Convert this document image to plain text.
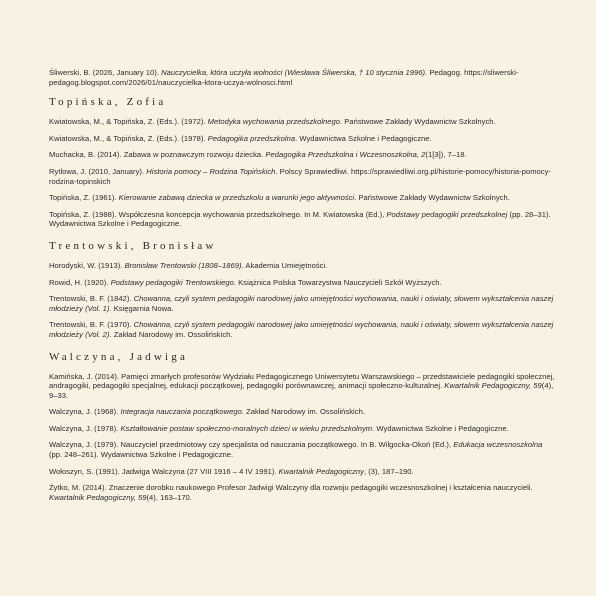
Śliwerski, B. (2026, January 10). Nauczycielka, która uczyła wolności (Wiesława Śliwerska, † 10 stycznia 1996). Pedagog. https://sliwerski-pedagog.blogspot.com/2026/01/nauczycielka-ktora-uczya-wolnosci.html

Topińska, Zofia

Kwiatowska, M., & Topińska, Z. (Eds.). (1972). Metodyka wychowania przedszkolnego. Państwowe Zakłady Wydawnictw Szkolnych.

Kwiatowska, M., & Topińska, Z. (Eds.). (1978). Pedagogika przedszkolna. Wydawnictwa Szkolne i Pedagogiczne.

Muchacka, B. (2014). Zabawa w poznawczym rozwoju dziecka. Pedagogika Przedszkolna i Wczesnoszkolna, 2(1[3]), 7–18.

Rytlowa, J. (2010, January). Historia pomocy – Rodzina Topińskich. Polscy Sprawiedliwi. https://sprawiedliwi.org.pl/historie-pomocy/historia-pomocy-rodzina-topinskich

Topińska, Z. (1961). Kierowanie zabawą dziecka w przedszkolu a warunki jego aktywności. Państwowe Zakłady Wydawnictw Szkolnych.

Topińska, Z. (1988). Współczesna koncepcja wychowania przedszkolnego. In M. Kwiatowska (Ed.), Podstawy pedagogiki przedszkolnej (pp. 28–31). Wydawnictwa Szkolne i Pedagogiczne.

Trentowski, Bronisław

Horodyski, W. (1913). Bronisław Trentowski (1808–1869). Akademia Umiejętności.

Rowid, H. (1920). Podstawy pedagogiki Trentowskiego. Książnica Polska Towarzystwa Nauczycieli Szkół Wyższych.

Trentowski, B. F. (1842). Chowanna, czyli system pedagogiki narodowej jako umiejętności wychowania, nauki i oświaty, słowem wykształcenia naszej młodzieży (Vol. 1). Księgarnia Nowa.

Trentowski, B. F. (1970). Chowanna, czyli system pedagogiki narodowej jako umiejętności wychowania, nauki i oświaty, słowem wykształcenia naszej młodzieży (Vol. 2). Zakład Narodowy im. Ossolińskich.

Walczyna, Jadwiga

Kamińska, J. (2014). Pamięci zmarłych profesorów Wydziału Pedagogicznego Uniwersytetu Warszawskiego – przedstawiciele pedagogiki społecznej, andragogiki, pedagogiki specjalnej, edukacji początkowej, pedagogiki porównawczej, animacji społeczno-kulturalnej. Kwartalnik Pedagogiczny, 59(4), 9–33.

Walczyna, J. (1968). Integracja nauczania początkowego. Zakład Narodowy im. Ossolińskich.

Walczyna, J. (1978). Kształtowanie postaw społeczno-moralnych dzieci w wieku przedszkolnym. Wydawnictwa Szkolne i Pedagogiczne.

Walczyna, J. (1979). Nauczyciel przedmiotowy czy specjalista od nauczania początkowego. In B. Wilgocka-Okoń (Ed.), Edukacja wczesnoszkolna (pp. 248–261). Wydawnictwa Szkolne i Pedagogiczne.

Wołoszyn, S. (1991). Jadwiga Walczyna (27 VIII 1916 – 4 IV 1991). Kwartalnik Pedagogiczny, (3), 187–190.

Żytko, M. (2014). Znaczenie dorobku naukowego Profesor Jadwigi Walczyny dla rozwoju pedagogiki wczesnoszkolnej i kształcenia nauczycieli. Kwartalnik Pedagogiczny, 59(4), 163–170.
